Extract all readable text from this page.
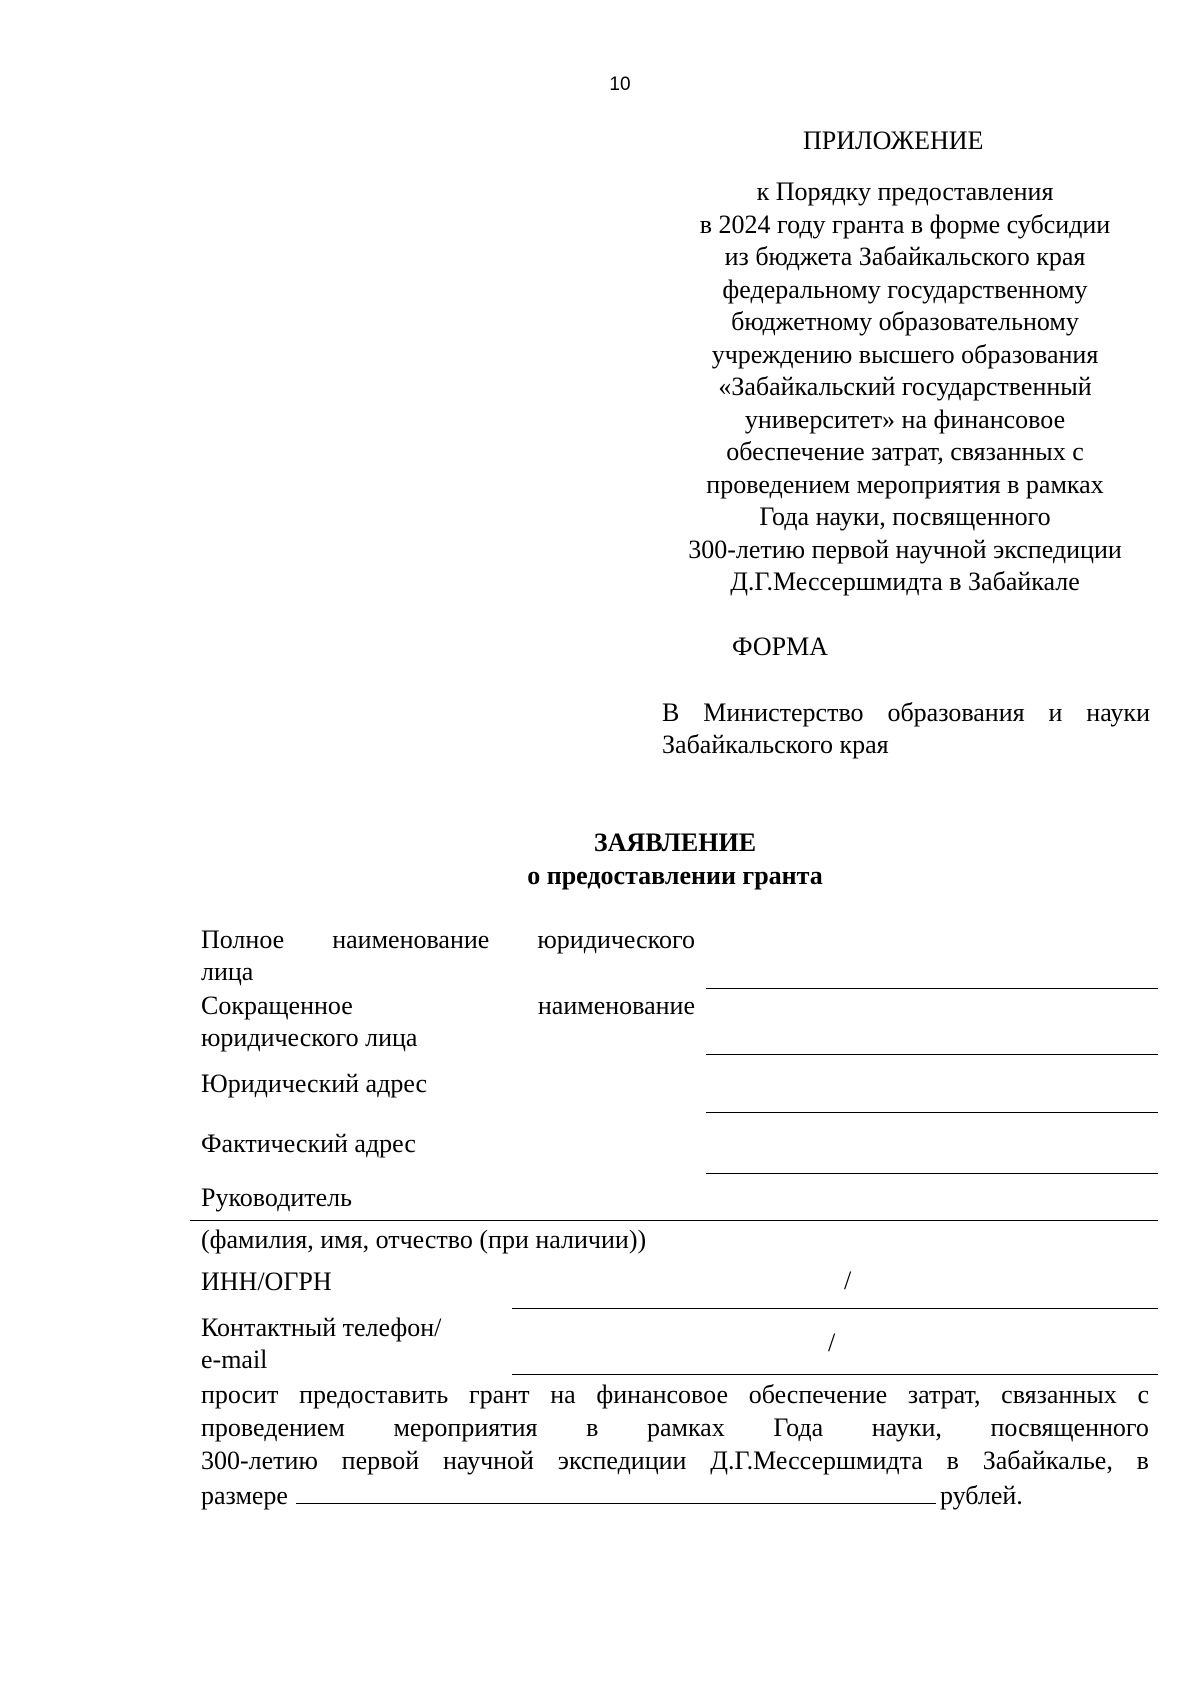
10
ПРИЛОЖЕНИЕ
к Порядку предоставления
в 2024 году гранта в форме субсидии
из бюджета Забайкальского края
федеральному государственному
бюджетному образовательному
учреждению высшего образования
«Забайкальский государственный
университет» на финансовое
обеспечение затрат, связанных с
проведением мероприятия в рамках
Года науки, посвященного
300-летию первой научной экспедиции
Д.Г.Мессершмидта в Забайкале
ФОРМА
В Министерство образования и науки
Забайкальского края
ЗАЯВЛЕНИЕ
о предоставлении гранта
Полное наименование юридического
лица
Сокращенное	наименование
юридического лица
Юридический адрес
Фактический адрес
Руководитель
(фамилия, имя, отчество (при наличии))
ИНН/ОГРН	/
Контактный телефон/
e-mail
/
просит предоставить грант на финансовое обеспечение затрат, связанных с
проведением мероприятия в рамках Года науки, посвященного
300-летию первой научной экспедиции Д.Г.Мессершмидта в Забайкалье, в
размере	рублей.
